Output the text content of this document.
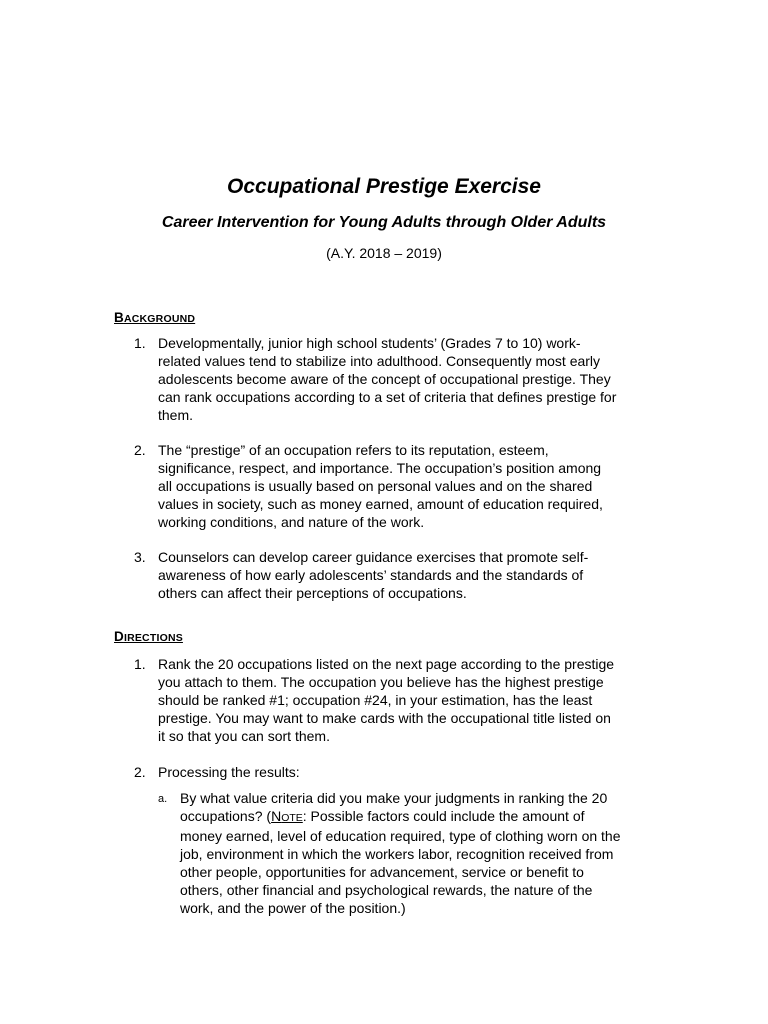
Occupational Prestige Exercise
Career Intervention for Young Adults through Older Adults

(A.Y. 2018 – 2019)

BACKGROUND
1. Developmentally, junior high school students’ (Grades 7 to 10) work-
related values tend to stabilize into adulthood. Consequently most early
adolescents become aware of the concept of occupational prestige. They
can rank occupations according to a set of criteria that defines prestige for
them.
2. The “prestige” of an occupation refers to its reputation, esteem,
significance, respect, and importance. The occupation’s position among
all occupations is usually based on personal values and on the shared
values in society, such as money earned, amount of education required,
working conditions, and nature of the work.
3. Counselors can develop career guidance exercises that promote self-
awareness of how early adolescents’ standards and the standards of
others can affect their perceptions of occupations.
DIRECTIONS
1. Rank the 20 occupations listed on the next page according to the prestige
you attach to them. The occupation you believe has the highest prestige
should be ranked #1; occupation #24, in your estimation, has the least
prestige. You may want to make cards with the occupational title listed on
it so that you can sort them.
2. Processing the results:
a. By what value criteria did you make your judgments in ranking the 20
occupations? (NOTE: Possible factors could include the amount of
money earned, level of education required, type of clothing worn on the
job, environment in which the workers labor, recognition received from
other people, opportunities for advancement, service or benefit to
others, other financial and psychological rewards, the nature of the
work, and the power of the position.)
